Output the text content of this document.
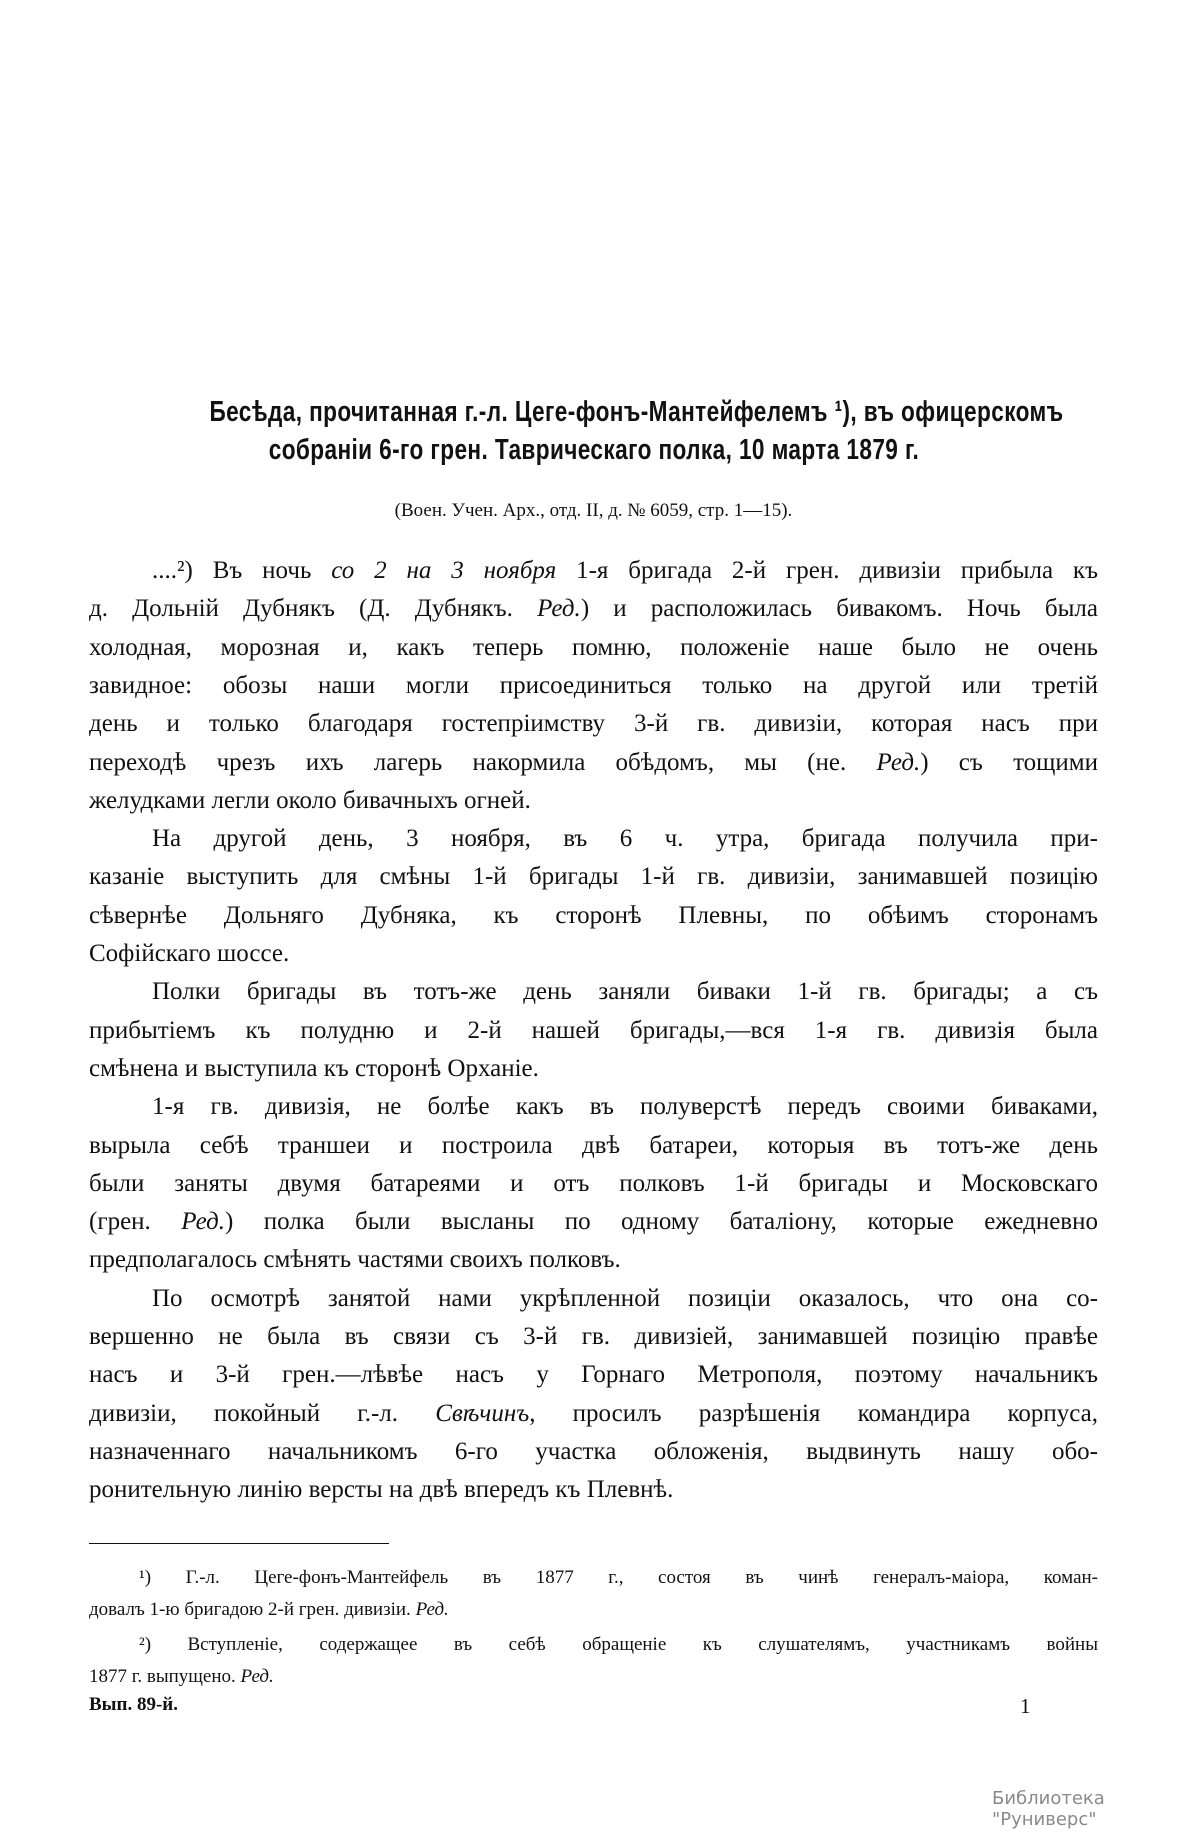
Бесѣда, прочитанная г.-л. Цеге-фонъ-Мантейфелемъ ¹), въ офицерскомъ
собраніи 6-го грен. Таврическаго полка, 10 марта 1879 г.
(Воен. Учен. Арх., отд. II, д. № 6059, стр. 1—15).
....²) Въ ночь со 2 на 3 ноября 1-я бригада 2-й грен. дивизіи прибыла къ
д. Дольній Дубнякъ (Д. Дубнякъ. Ред.) и расположилась бивакомъ. Ночь была
холодная, морозная и, какъ теперь помню, положеніе наше было не очень
завидное: обозы наши могли присоединиться только на другой или третій
день и только благодаря гостепріимству 3-й гв. дивизіи, которая насъ при
переходѣ чрезъ ихъ лагерь накормила обѣдомъ, мы (не. Ред.) съ тощими
желудками легли около бивачныхъ огней.
На другой день, 3 ноября, въ 6 ч. утра, бригада получила при-
казаніе выступить для смѣны 1-й бригады 1-й гв. дивизіи, занимавшей позицію
сѣвернѣе Дольняго Дубняка, къ сторонѣ Плевны, по обѣимъ сторонамъ
Софійскаго шоссе.
Полки бригады въ тотъ-же день заняли биваки 1-й гв. бригады; а съ
прибытіемъ къ полудню и 2-й нашей бригады,—вся 1-я гв. дивизія была
смѣнена и выступила къ сторонѣ Орханіе.
1-я гв. дивизія, не болѣе какъ въ полуверстѣ передъ своими биваками,
вырыла себѣ траншеи и построила двѣ батареи, которыя въ тотъ-же день
были заняты двумя батареями и отъ полковъ 1-й бригады и Московскаго
(грен. Ред.) полка были высланы по одному баталіону, которые ежедневно
предполагалось смѣнять частями своихъ полковъ.
По осмотрѣ занятой нами укрѣпленной позиціи оказалось, что она со-
вершенно не была въ связи съ 3-й гв. дивизіей, занимавшей позицію правѣе
насъ и 3-й грен.—лѣвѣе насъ у Горнаго Метрополя, поэтому начальникъ
дивизіи, покойный г.-л. Свѣчинъ, просилъ разрѣшенія командира корпуса,
назначеннаго начальникомъ 6-го участка обложенія, выдвинуть нашу обо-
ронительную линію версты на двѣ впередъ къ Плевнѣ.
¹) Г.-л. Цеге-фонъ-Мантейфель въ 1877 г., состоя въ чинѣ генералъ-маіора, коман-
довалъ 1-ю бригадою 2-й грен. дивизіи. Ред.
²) Вступленіе, содержащее въ себѣ обращеніе къ слушателямъ, участникамъ войны
1877 г. выпущено. Ред.
Вып. 89-й.	1
Библиотека "Руниверс"
